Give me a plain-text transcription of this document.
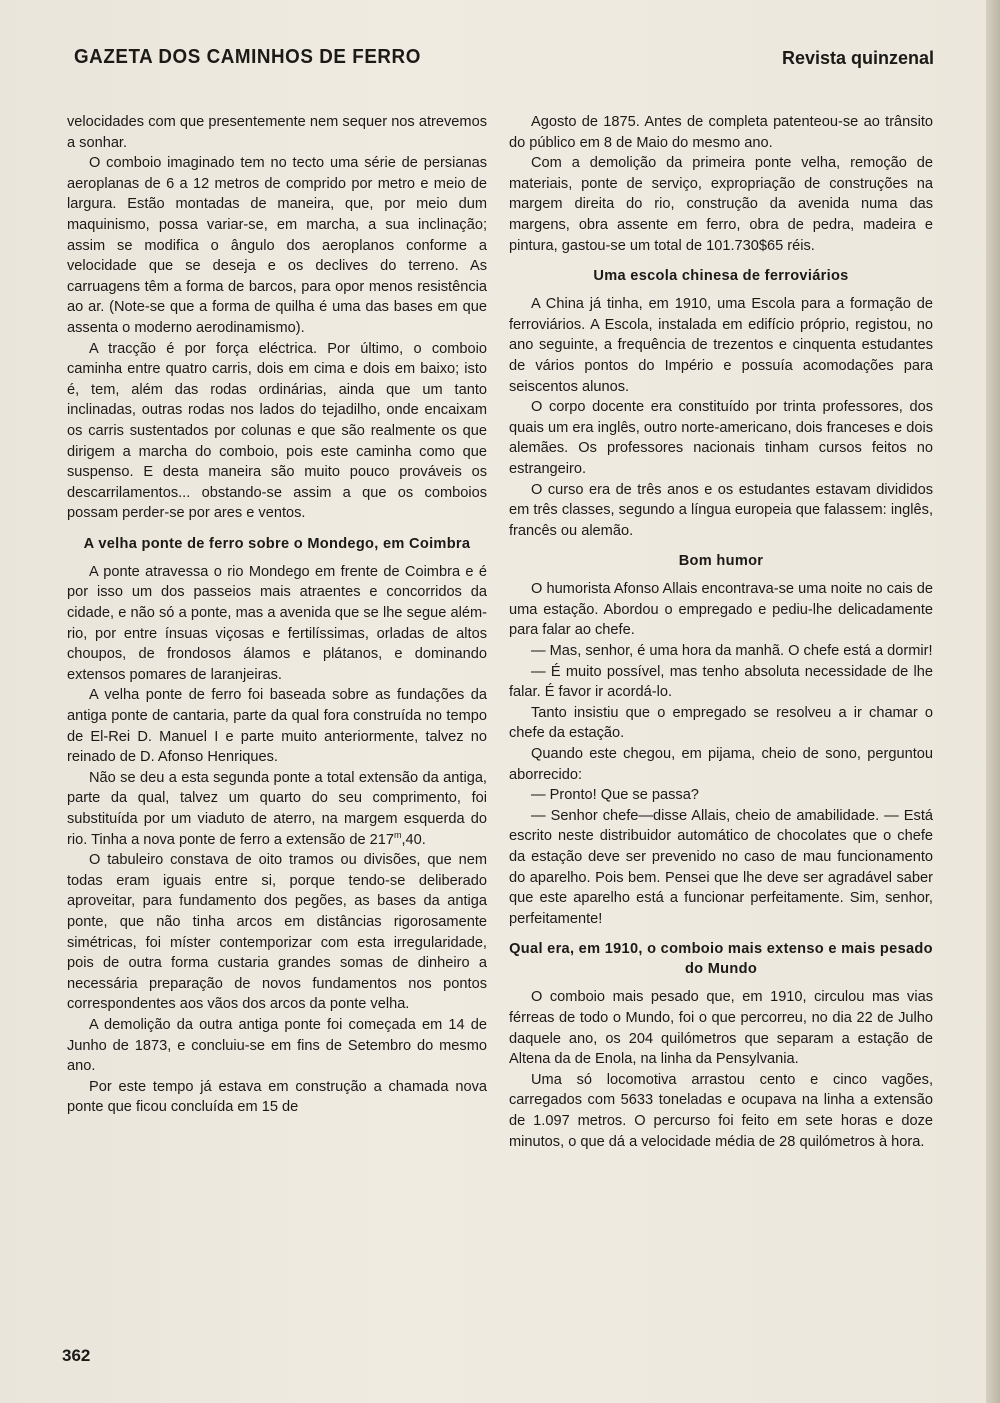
GAZETA DOS CAMINHOS DE FERRO	Revista quinzenal

velocidades com que presentemente nem sequer nos atrevemos a sonhar.

O comboio imaginado tem no tecto uma série de persianas aeroplanas de 6 a 12 metros de comprido por metro e meio de largura. Estão montadas de maneira, que, por meio dum maquinismo, possa variar-se, em marcha, a sua inclinação; assim se modifica o ângulo dos aeroplanos conforme a velocidade que se deseja e os declives do terreno. As carruagens têm a forma de barcos, para opor menos resistência ao ar. (Note-se que a forma de quilha é uma das bases em que assenta o moderno aerodinamismo).

A tracção é por força eléctrica. Por último, o comboio caminha entre quatro carris, dois em cima e dois em baixo; isto é, tem, além das rodas ordinárias, ainda que um tanto inclinadas, outras rodas nos lados do tejadilho, onde encaixam os carris sustentados por colunas e que são realmente os que dirigem a marcha do comboio, pois este caminha como que suspenso. E desta maneira são muito pouco prováveis os descarrilamentos... obstando-se assim a que os comboios possam perder-se por ares e ventos.

A velha ponte de ferro sobre o Mondego, em Coimbra

A ponte atravessa o rio Mondego em frente de Coimbra e é por isso um dos passeios mais atraentes e concorridos da cidade, e não só a ponte, mas a avenida que se lhe segue além-rio, por entre ínsuas viçosas e fertilíssimas, orladas de altos choupos, de frondosos álamos e plátanos, e dominando extensos pomares de laranjeiras.

A velha ponte de ferro foi baseada sobre as fundações da antiga ponte de cantaria, parte da qual fora construída no tempo de El-Rei D. Manuel I e parte muito anteriormente, talvez no reinado de D. Afonso Henriques.

Não se deu a esta segunda ponte a total extensão da antiga, parte da qual, talvez um quarto do seu comprimento, foi substituída por um viaduto de aterro, na margem esquerda do rio. Tinha a nova ponte de ferro a extensão de 217$^m$,40.

O tabuleiro constava de oito tramos ou divisões, que nem todas eram iguais entre si, porque tendo-se deliberado aproveitar, para fundamento dos pegões, as bases da antiga ponte, que não tinha arcos em distâncias rigorosamente simétricas, foi míster contemporizar com esta irregularidade, pois de outra forma custaria grandes somas de dinheiro a necessária preparação de novos fundamentos nos pontos correspondentes aos vãos dos arcos da ponte velha.

A demolição da outra antiga ponte foi começada em 14 de Junho de 1873, e concluiu-se em fins de Setembro do mesmo ano.

Por este tempo já estava em construção a chamada nova ponte que ficou concluída em 15 de

Agosto de 1875. Antes de completa patenteou-se ao trânsito do público em 8 de Maio do mesmo ano.

Com a demolição da primeira ponte velha, remoção de materiais, ponte de serviço, expropriação de construções na margem direita do rio, construção da avenida numa das margens, obra assente em ferro, obra de pedra, madeira e pintura, gastou-se um total de 101.730$65 réis.

Uma escola chinesa de ferroviários

A China já tinha, em 1910, uma Escola para a formação de ferroviários. A Escola, instalada em edifício próprio, registou, no ano seguinte, a frequência de trezentos e cinquenta estudantes de vários pontos do Império e possuía acomodações para seiscentos alunos.

O corpo docente era constituído por trinta professores, dos quais um era inglês, outro norte-americano, dois franceses e dois alemães. Os professores nacionais tinham cursos feitos no estrangeiro.

O curso era de três anos e os estudantes estavam divididos em três classes, segundo a língua europeia que falassem: inglês, francês ou alemão.

Bom humor

O humorista Afonso Allais encontrava-se uma noite no cais de uma estação. Abordou o empregado e pediu-lhe delicadamente para falar ao chefe.

— Mas, senhor, é uma hora da manhã. O chefe está a dormir!

— É muito possível, mas tenho absoluta necessidade de lhe falar. É favor ir acordá-lo.

Tanto insistiu que o empregado se resolveu a ir chamar o chefe da estação.

Quando este chegou, em pijama, cheio de sono, perguntou aborrecido:

— Pronto! Que se passa?

— Senhor chefe—disse Allais, cheio de amabilidade. — Está escrito neste distribuidor automático de chocolates que o chefe da estação deve ser prevenido no caso de mau funcionamento do aparelho. Pois bem. Pensei que lhe deve ser agradável saber que este aparelho está a funcionar perfeitamente. Sim, senhor, perfeitamente!

Qual era, em 1910, o comboio mais extenso e mais pesado do Mundo

O comboio mais pesado que, em 1910, circulou mas vias férreas de todo o Mundo, foi o que percorreu, no dia 22 de Julho daquele ano, os 204 quilómetros que separam a estação de Altena da de Enola, na linha da Pensylvania.

Uma só locomotiva arrastou cento e cinco vagões, carregados com 5633 toneladas e ocupava na linha a extensão de 1.097 metros. O percurso foi feito em sete horas e doze minutos, o que dá a velocidade média de 28 quilómetros à hora.

362
